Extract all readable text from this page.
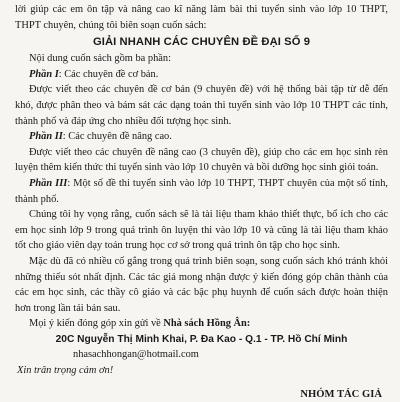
lời giúp các em ôn tập và nâng cao kĩ năng làm bài thi tuyển sinh vào lớp 10 THPT, THPT chuyên, chúng tôi biên soạn cuốn sách:

GIẢI NHANH CÁC CHUYÊN ĐỀ ĐẠI SỐ 9

Nội dung cuốn sách gồm ba phần:

Phần I: Các chuyên đề cơ bản.

Được viết theo các chuyên đề cơ bản (9 chuyên đề) với hệ thống bài tập từ dễ đến khó, được phân theo và bám sát các dạng toán thi tuyển sinh vào lớp 10 THPT các tỉnh, thành phố và đáp ứng cho nhiều đối tượng học sinh.

Phần II: Các chuyên đề nâng cao.

Được viết theo các chuyên đề nâng cao (3 chuyên đề), giúp cho các em học sinh rèn luyện thêm kiến thức thi tuyển sinh vào lớp 10 chuyên và bồi dưỡng học sinh giỏi toán.

Phần III: Một số đề thi tuyển sinh vào lớp 10 THPT, THPT chuyên của một số tỉnh, thành phố.

Chúng tôi hy vọng rằng, cuốn sách sẽ là tài liệu tham khảo thiết thực, bổ ích cho các em học sinh lớp 9 trong quá trình ôn luyện thi vào lớp 10 và cũng là tài liệu tham khảo tốt cho giáo viên dạy toán trung học cơ sở trong quá trình ôn tập cho học sinh.

Mặc dù đã có nhiều cố gắng trong quá trình biên soạn, song cuốn sách khó tránh khỏi những thiếu sót nhất định. Các tác giả mong nhận được ý kiến đóng góp chân thành của các em học sinh, các thầy cô giáo và các bậc phụ huynh để cuốn sách được hoàn thiện hơn trong lần tái bản sau.

Mọi ý kiến đóng góp xin gửi về Nhà sách Hồng Ân:

20C Nguyễn Thị Minh Khai, P. Đa Kao - Q.1 - TP. Hồ Chí Minh

nhasachhongan@hotmail.com

Xin trân trọng cảm ơn!

NHÓM TÁC GIẢ
